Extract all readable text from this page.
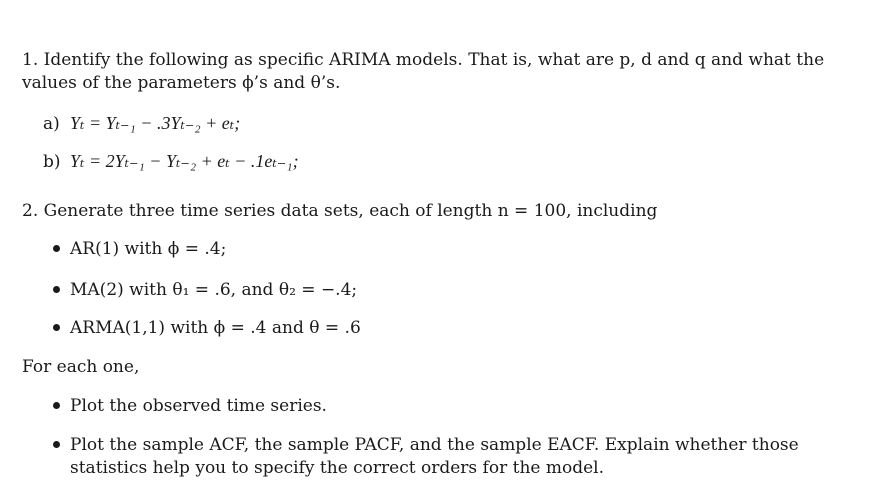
1. Identify the following as specific ARIMA models. That is, what are p, d and q and what the
values of the parameters ϕ’s and θ’s.
a) Yₜ = Yₜ₋₁ − .3Yₜ₋₂ + eₜ;
b) Yₜ = 2Yₜ₋₁ − Yₜ₋₂ + eₜ − .1eₜ₋₁;
2. Generate three time series data sets, each of length n = 100, including
AR(1) with ϕ = .4;
MA(2) with θ₁ = .6, and θ₂ = −.4;
ARMA(1,1) with ϕ = .4 and θ = .6
For each one,
Plot the observed time series.
Plot the sample ACF, the sample PACF, and the sample EACF. Explain whether those
statistics help you to specify the correct orders for the model.
